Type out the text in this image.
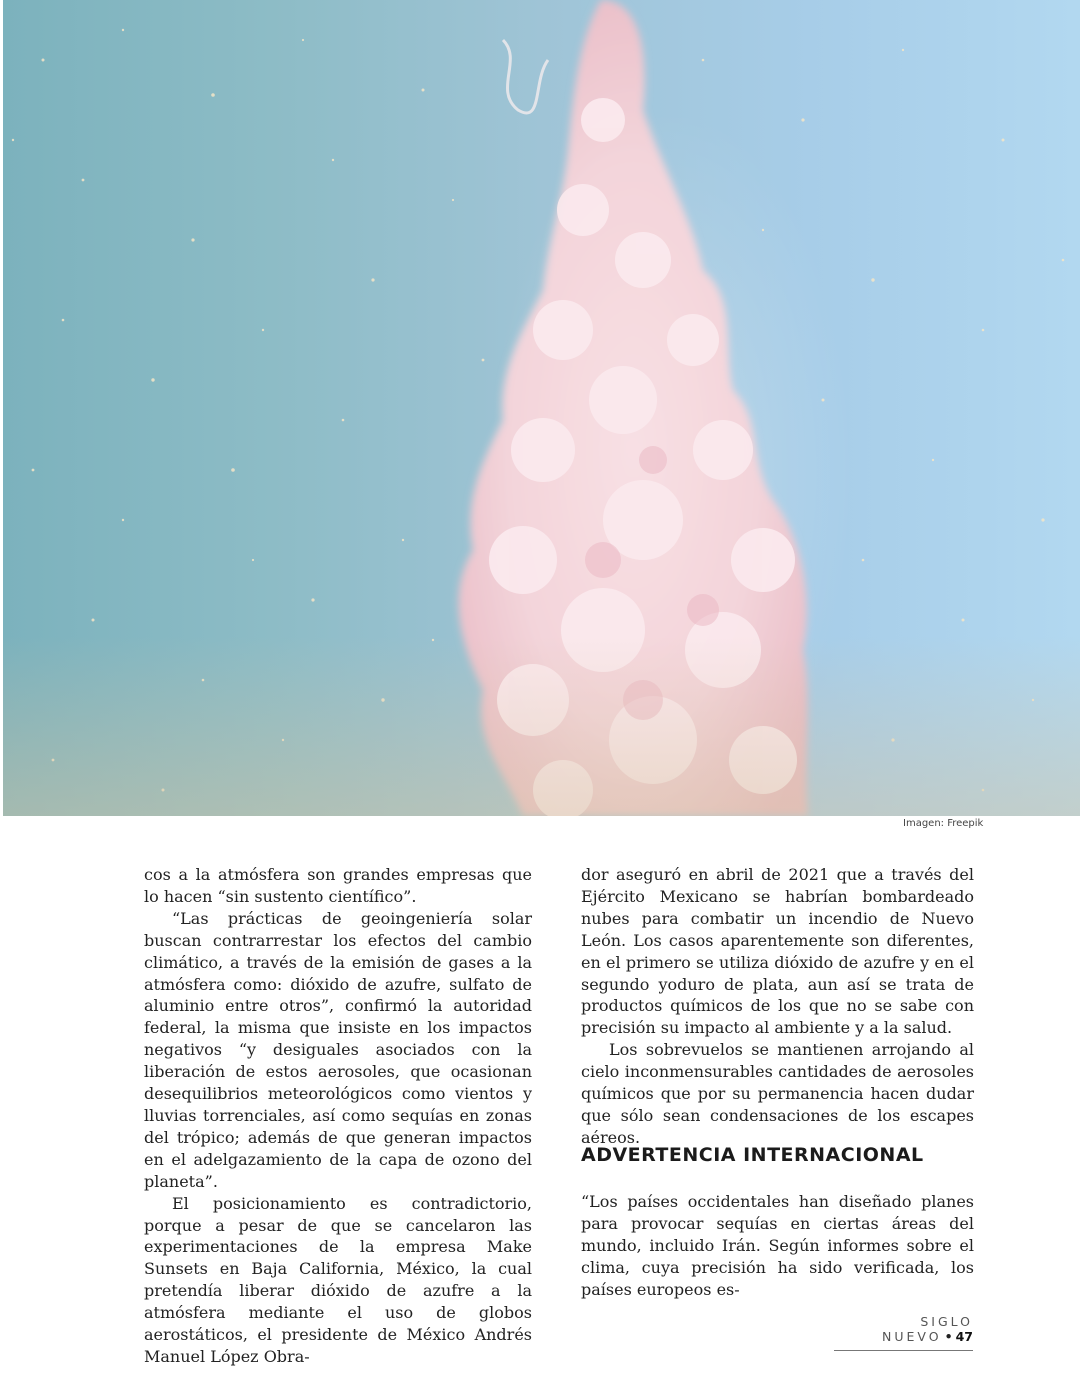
Imagen: Freepik

cos a la atmósfera son grandes empresas que lo hacen “sin sustento científico”.

“Las prácticas de geoingeniería solar buscan contrarrestar los efectos del cambio climático, a través de la emisión de gases a la atmósfera como: dióxido de azufre, sulfato de aluminio entre otros”, confirmó la autoridad federal, la misma que insiste en los impactos negativos “y desiguales asociados con la liberación de estos aerosoles, que ocasionan desequilibrios meteorológicos como vientos y lluvias torrenciales, así como sequías en zonas del trópico; además de que generan impactos en el adelgazamiento de la capa de ozono del planeta”.

El posicionamiento es contradictorio, porque a pesar de que se cancelaron las experimentaciones de la empresa Make Sunsets en Baja California, México, la cual pretendía liberar dióxido de azufre a la atmósfera mediante el uso de globos aerostáticos, el presidente de México Andrés Manuel López Obra-

dor aseguró en abril de 2021 que a través del Ejército Mexicano se habrían bombardeado nubes para combatir un incendio de Nuevo León. Los casos aparentemente son diferentes, en el primero se utiliza dióxido de azufre y en el segundo yoduro de plata, aun así se trata de productos químicos de los que no se sabe con precisión su impacto al ambiente y a la salud.

Los sobrevuelos se mantienen arrojando al cielo inconmensurables cantidades de aerosoles químicos que por su permanencia hacen dudar que sólo sean condensaciones de los escapes aéreos.

ADVERTENCIA INTERNACIONAL

“Los países occidentales han diseñado planes para provocar sequías en ciertas áreas del mundo, incluido Irán. Según informes sobre el clima, cuya precisión ha sido verificada, los países europeos es-

SIGLO NUEVO • 47
